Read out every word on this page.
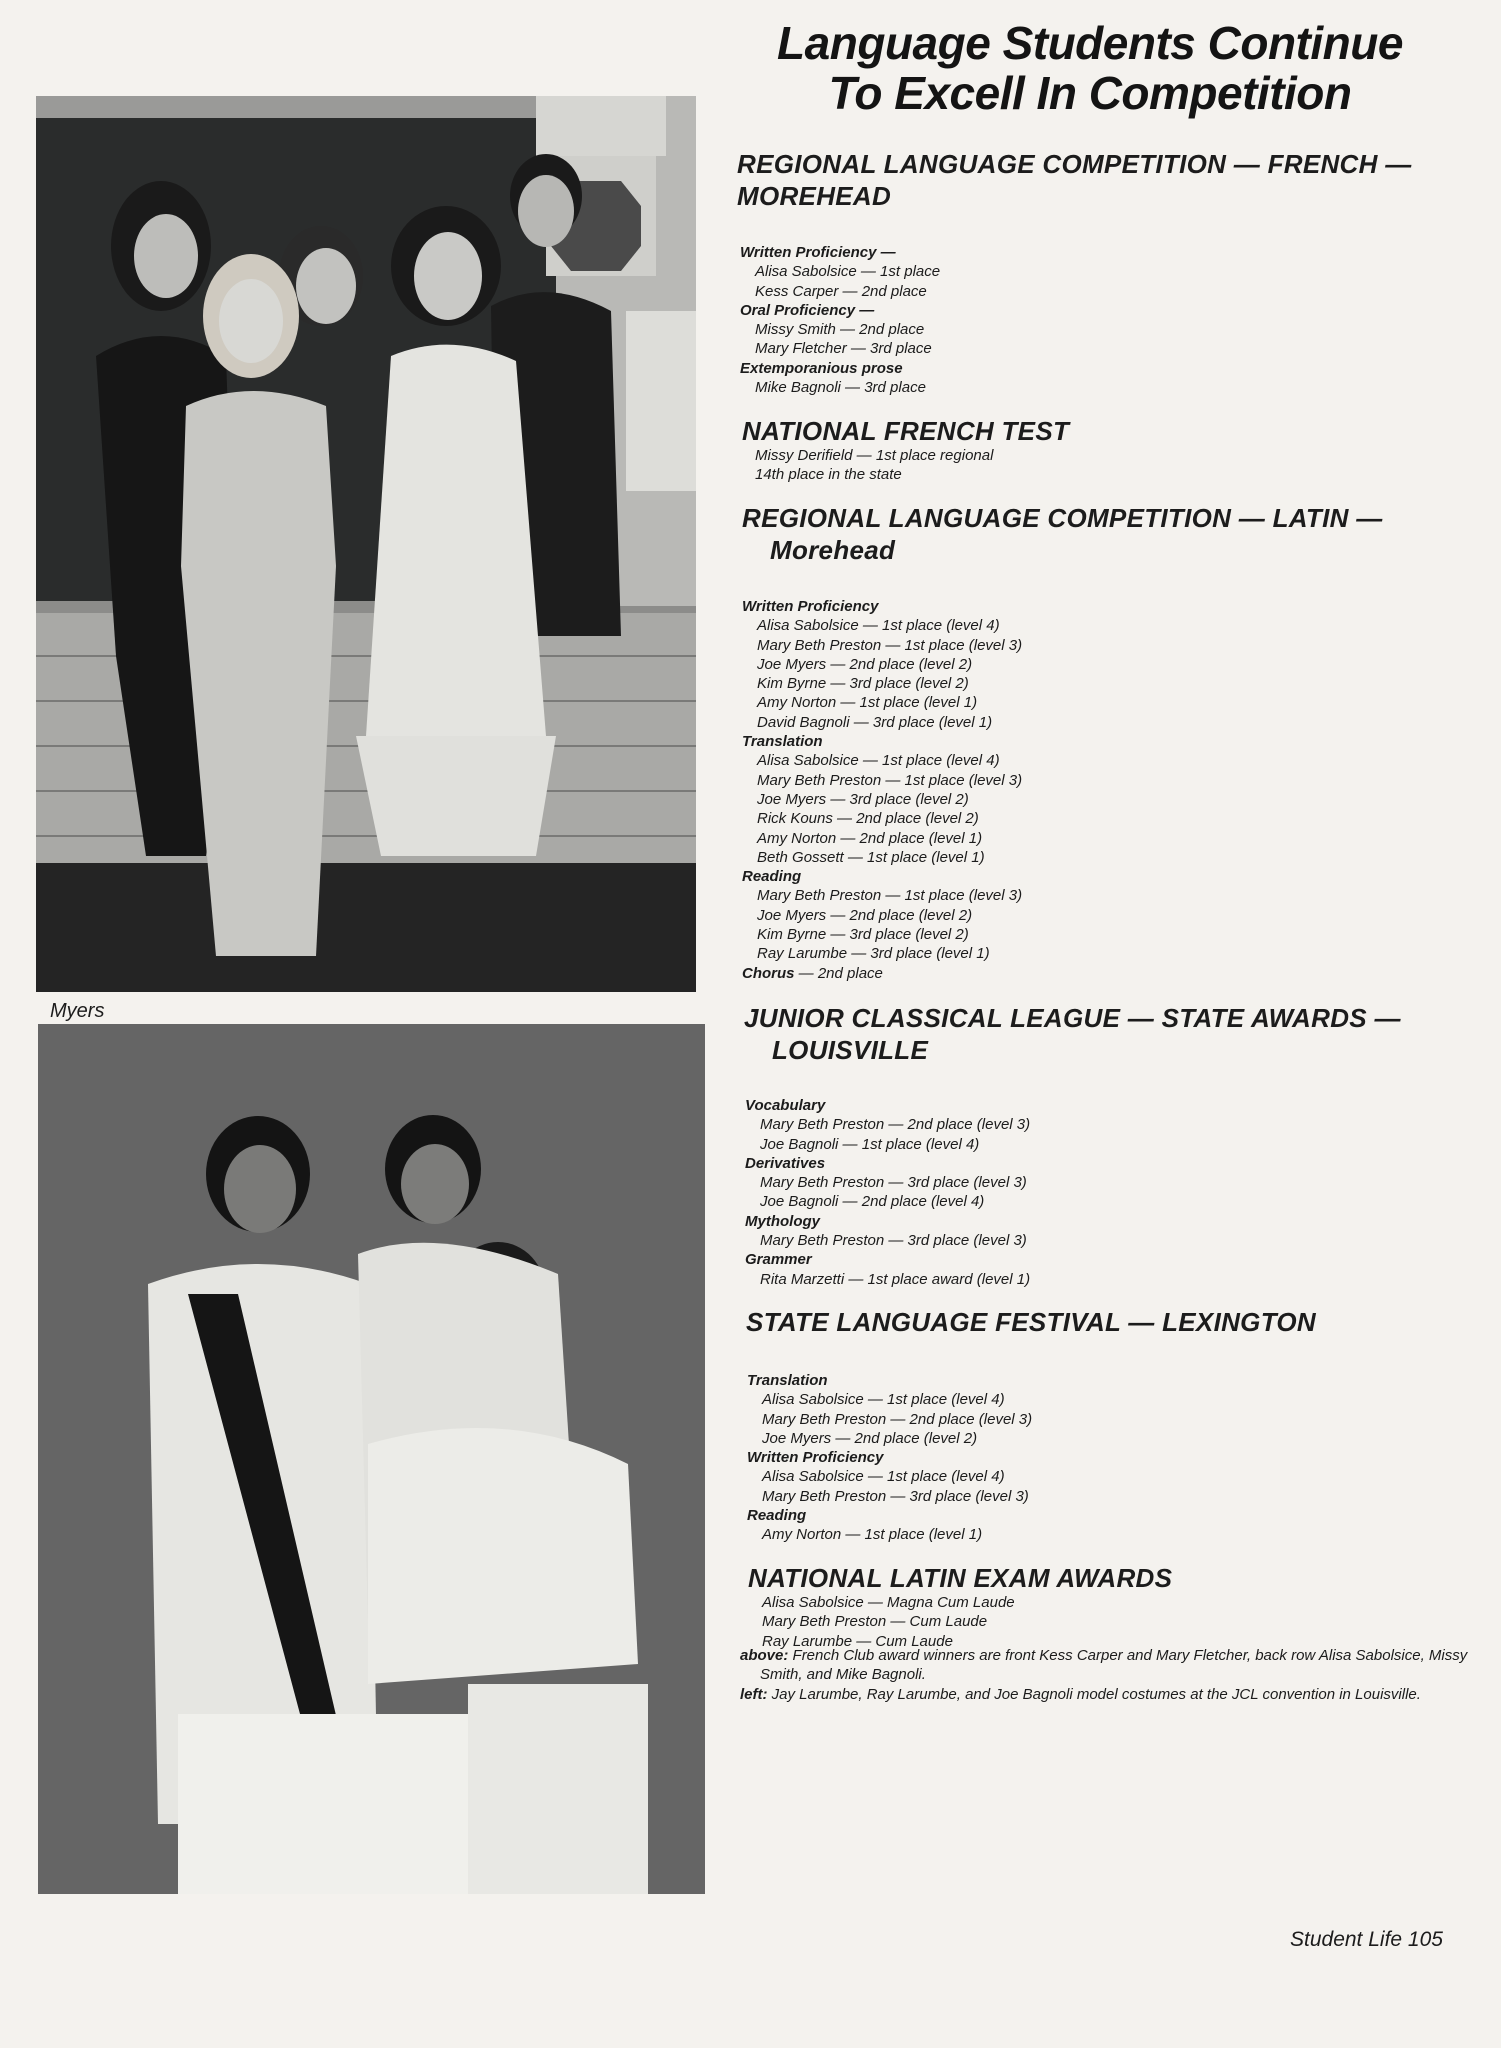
Myers
Language Students Continue
To Excell In Competition
REGIONAL LANGUAGE COMPETITION — FRENCH —
MOREHEAD
Written Proficiency —
Alisa Sabolsice — 1st place
Kess Carper — 2nd place
Oral Proficiency —
Missy Smith — 2nd place
Mary Fletcher — 3rd place
Extemporanious prose
Mike Bagnoli — 3rd place
NATIONAL FRENCH TEST
Missy Derifield — 1st place regional
14th place in the state
REGIONAL LANGUAGE COMPETITION — LATIN —
Morehead
Written Proficiency
Alisa Sabolsice — 1st place (level 4)
Mary Beth Preston — 1st place (level 3)
Joe Myers — 2nd place (level 2)
Kim Byrne — 3rd place (level 2)
Amy Norton — 1st place (level 1)
David Bagnoli — 3rd place (level 1)
Translation
Alisa Sabolsice — 1st place (level 4)
Mary Beth Preston — 1st place (level 3)
Joe Myers — 3rd place (level 2)
Rick Kouns — 2nd place (level 2)
Amy Norton — 2nd place (level 1)
Beth Gossett — 1st place (level 1)
Reading
Mary Beth Preston — 1st place (level 3)
Joe Myers — 2nd place (level 2)
Kim Byrne — 3rd place (level 2)
Ray Larumbe — 3rd place (level 1)
Chorus — 2nd place
JUNIOR CLASSICAL LEAGUE — STATE AWARDS —
LOUISVILLE
Vocabulary
Mary Beth Preston — 2nd place (level 3)
Joe Bagnoli — 1st place (level 4)
Derivatives
Mary Beth Preston — 3rd place (level 3)
Joe Bagnoli — 2nd place (level 4)
Mythology
Mary Beth Preston — 3rd place (level 3)
Grammer
Rita Marzetti — 1st place award (level 1)
STATE LANGUAGE FESTIVAL — LEXINGTON
Translation
Alisa Sabolsice — 1st place (level 4)
Mary Beth Preston — 2nd place (level 3)
Joe Myers — 2nd place (level 2)
Written Proficiency
Alisa Sabolsice — 1st place (level 4)
Mary Beth Preston — 3rd place (level 3)
Reading
Amy Norton — 1st place (level 1)
NATIONAL LATIN EXAM AWARDS
Alisa Sabolsice — Magna Cum Laude
Mary Beth Preston — Cum Laude
Ray Larumbe — Cum Laude
above: French Club award winners are front Kess Carper and Mary Fletcher, back row Alisa Sabolsice, Missy Smith, and Mike Bagnoli.
left: Jay Larumbe, Ray Larumbe, and Joe Bagnoli model costumes at the JCL convention in Louisville.
Student Life 105
